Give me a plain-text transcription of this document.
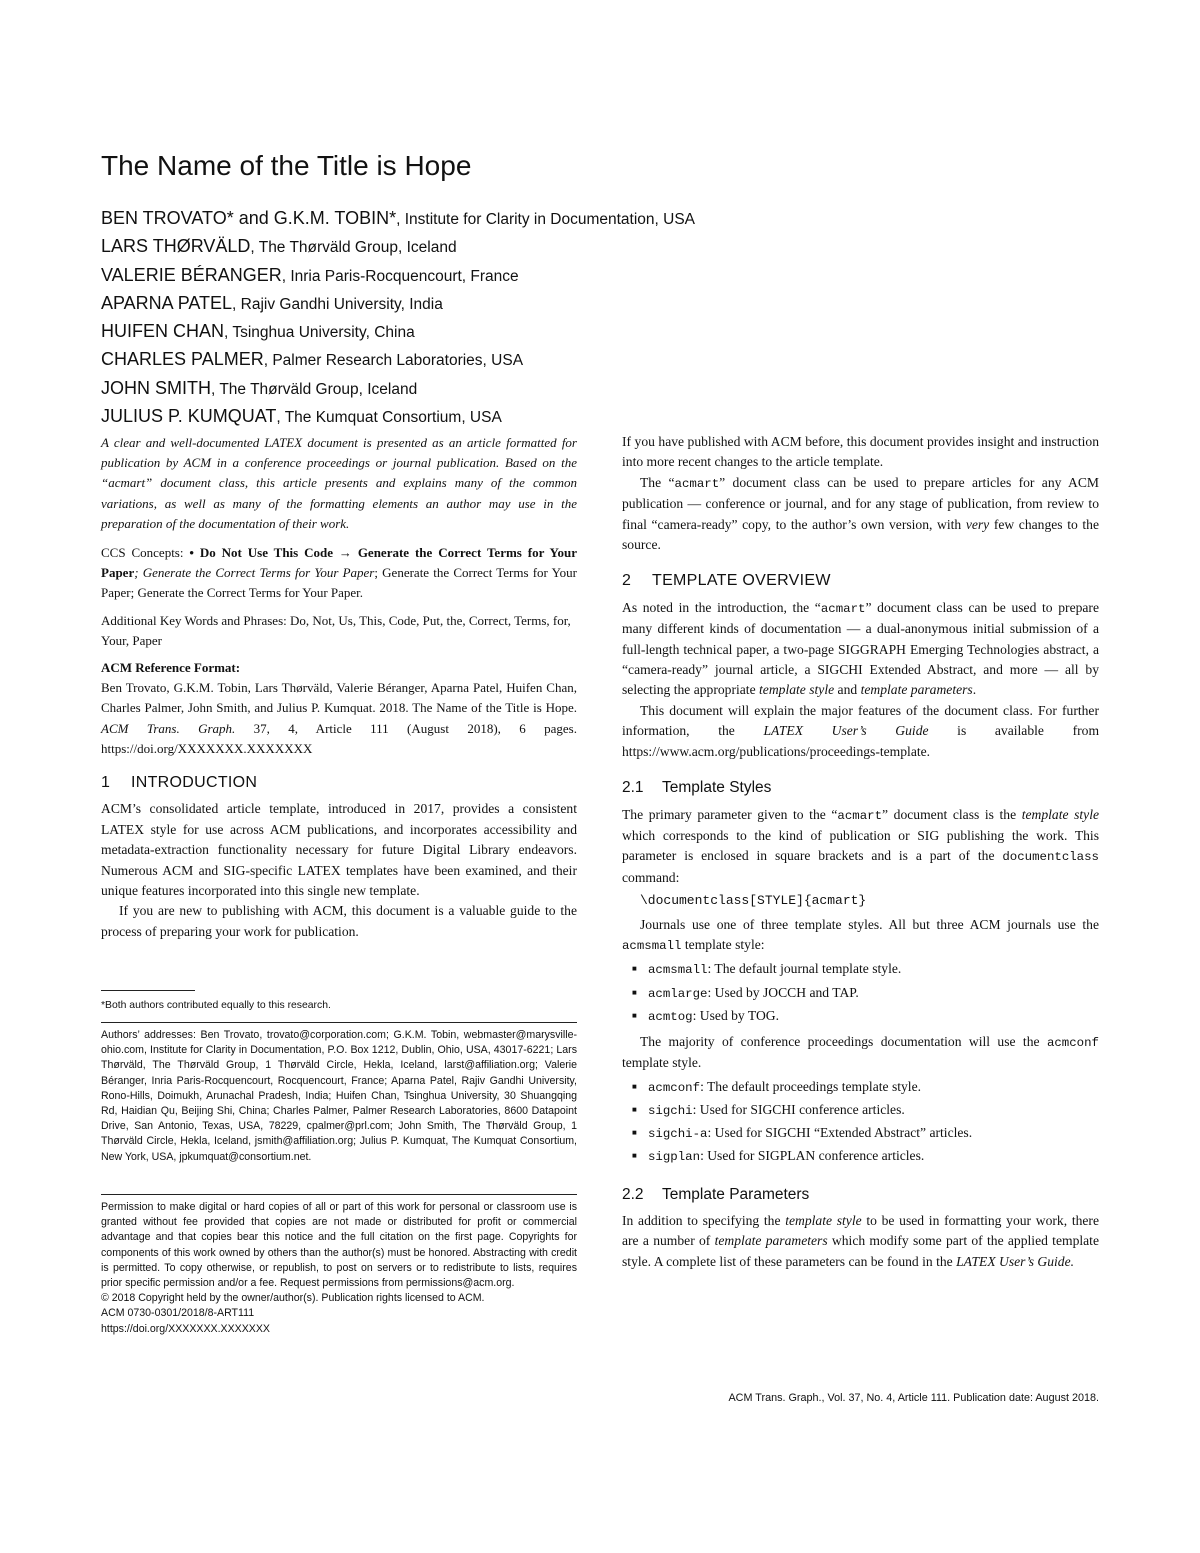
The Name of the Title is Hope
BEN TROVATO* and G.K.M. TOBIN*, Institute for Clarity in Documentation, USA
LARS THØRVÄLD, The Thørväld Group, Iceland
VALERIE BÉRANGER, Inria Paris-Rocquencourt, France
APARNA PATEL, Rajiv Gandhi University, India
HUIFEN CHAN, Tsinghua University, China
CHARLES PALMER, Palmer Research Laboratories, USA
JOHN SMITH, The Thørväld Group, Iceland
JULIUS P. KUMQUAT, The Kumquat Consortium, USA

A clear and well-documented LATEX document is presented as an article formatted for publication by ACM in a conference proceedings or journal publication. Based on the “acmart” document class, this article presents and explains many of the common variations, as well as many of the formatting elements an author may use in the preparation of the documentation of their work.

CCS Concepts: • Do Not Use This Code → Generate the Correct Terms for Your Paper; Generate the Correct Terms for Your Paper; Generate the Correct Terms for Your Paper; Generate the Correct Terms for Your Paper.

Additional Key Words and Phrases: Do, Not, Us, This, Code, Put, the, Correct, Terms, for, Your, Paper

ACM Reference Format:

Ben Trovato, G.K.M. Tobin, Lars Thørväld, Valerie Béranger, Aparna Patel, Huifen Chan, Charles Palmer, John Smith, and Julius P. Kumquat. 2018. The Name of the Title is Hope. ACM Trans. Graph. 37, 4, Article 111 (August 2018), 6 pages. https://doi.org/XXXXXXX.XXXXXXX

1 INTRODUCTION

ACM’s consolidated article template, introduced in 2017, provides a consistent LATEX style for use across ACM publications, and incorporates accessibility and metadata-extraction functionality necessary for future Digital Library endeavors. Numerous ACM and SIG-specific LATEX templates have been examined, and their unique features incorporated into this single new template.

If you are new to publishing with ACM, this document is a valuable guide to the process of preparing your work for publication.

*Both authors contributed equally to this research.
Authors’ addresses: Ben Trovato, trovato@corporation.com; G.K.M. Tobin, webmaster@marysville-ohio.com, Institute for Clarity in Documentation, P.O. Box 1212, Dublin, Ohio, USA, 43017-6221; Lars Thørväld, The Thørväld Group, 1 Thørväld Circle, Hekla, Iceland, larst@affiliation.org; Valerie Béranger, Inria Paris-Rocquencourt, Rocquencourt, France; Aparna Patel, Rajiv Gandhi University, Rono-Hills, Doimukh, Arunachal Pradesh, India; Huifen Chan, Tsinghua University, 30 Shuangqing Rd, Haidian Qu, Beijing Shi, China; Charles Palmer, Palmer Research Laboratories, 8600 Datapoint Drive, San Antonio, Texas, USA, 78229, cpalmer@prl.com; John Smith, The Thørväld Group, 1 Thørväld Circle, Hekla, Iceland, jsmith@affiliation.org; Julius P. Kumquat, The Kumquat Consortium, New York, USA, jpkumquat@consortium.net.
Permission to make digital or hard copies of all or part of this work for personal or classroom use is granted without fee provided that copies are not made or distributed for profit or commercial advantage and that copies bear this notice and the full citation on the first page. Copyrights for components of this work owned by others than the author(s) must be honored. Abstracting with credit is permitted. To copy otherwise, or republish, to post on servers or to redistribute to lists, requires prior specific permission and/or a fee. Request permissions from permissions@acm.org.
© 2018 Copyright held by the owner/author(s). Publication rights licensed to ACM.
ACM 0730-0301/2018/8-ART111
https://doi.org/XXXXXXX.XXXXXXX

If you have published with ACM before, this document provides insight and instruction into more recent changes to the article template.

The “acmart” document class can be used to prepare articles for any ACM publication — conference or journal, and for any stage of publication, from review to final “camera-ready” copy, to the author’s own version, with very few changes to the source.

2 TEMPLATE OVERVIEW

As noted in the introduction, the “acmart” document class can be used to prepare many different kinds of documentation — a dual-anonymous initial submission of a full-length technical paper, a two-page SIGGRAPH Emerging Technologies abstract, a “camera-ready” journal article, a SIGCHI Extended Abstract, and more — all by selecting the appropriate template style and template parameters.

This document will explain the major features of the document class. For further information, the LATEX User’s Guide is available from https://www.acm.org/publications/proceedings-template.

2.1 Template Styles

The primary parameter given to the “acmart” document class is the template style which corresponds to the kind of publication or SIG publishing the work. This parameter is enclosed in square brackets and is a part of the documentclass command:

\documentclass[STYLE]{acmart}

Journals use one of three template styles. All but three ACM journals use the acmsmall template style:

■ acmsmall: The default journal template style.
■ acmlarge: Used by JOCCH and TAP.
■ acmtog: Used by TOG.

The majority of conference proceedings documentation will use the acmconf template style.

■ acmconf: The default proceedings template style.
■ sigchi: Used for SIGCHI conference articles.
■ sigchi-a: Used for SIGCHI “Extended Abstract” articles.
■ sigplan: Used for SIGPLAN conference articles.
2.2 Template Parameters

In addition to specifying the template style to be used in formatting your work, there are a number of template parameters which modify some part of the applied template style. A complete list of these parameters can be found in the LATEX User’s Guide.

ACM Trans. Graph., Vol. 37, No. 4, Article 111. Publication date: August 2018.
